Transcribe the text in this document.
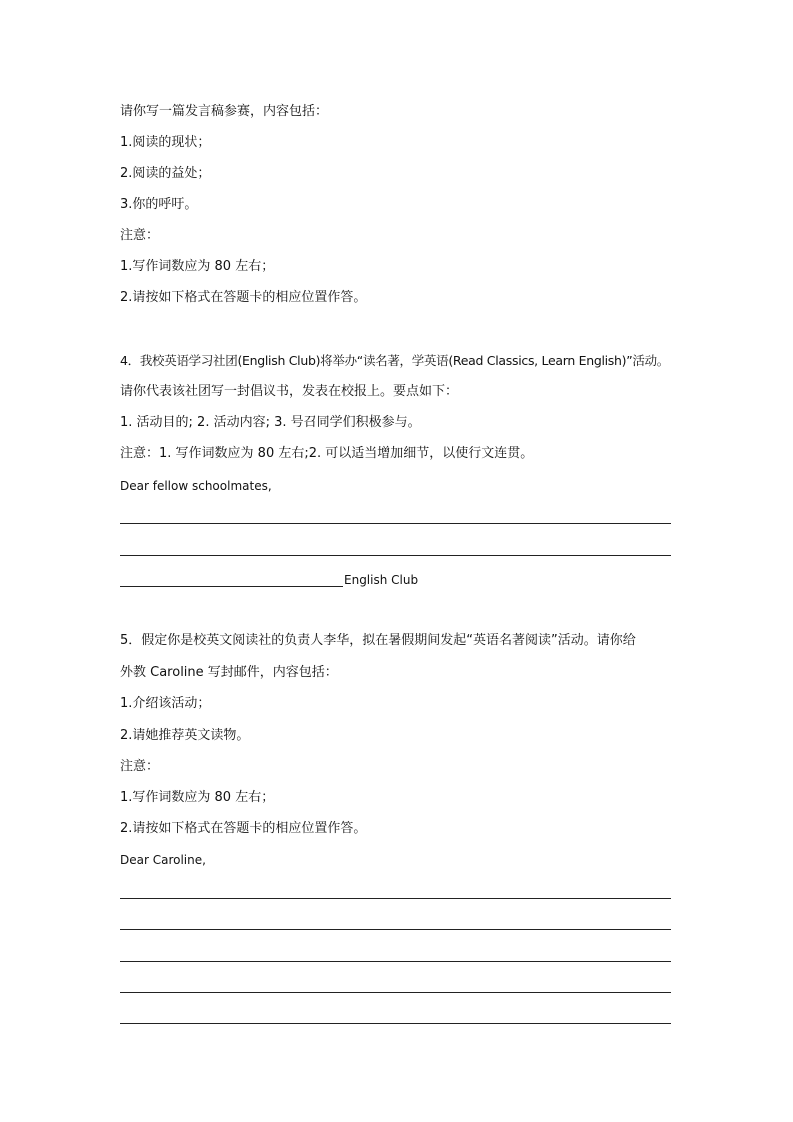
请你写一篇发言稿参赛，内容包括：
1.阅读的现状；
2.阅读的益处；
3.你的呼吁。
注意：
1.写作词数应为 80 左右；
2.请按如下格式在答题卡的相应位置作答。
4．我校英语学习社团(English Club)将举办“读名著，学英语(Read Classics, Learn English)”活动。
请你代表该社团写一封倡议书，发表在校报上。要点如下：
1. 活动目的; 2. 活动内容; 3. 号召同学们积极参与。
注意：1. 写作词数应为 80 左右;2. 可以适当增加细节，以使行文连贯。
Dear fellow schoolmates,
English Club
5．假定你是校英文阅读社的负责人李华，拟在暑假期间发起“英语名著阅读”活动。请你给
外教 Caroline 写封邮件，内容包括：
1.介绍该活动；
2.请她推荐英文读物。
注意：
1.写作词数应为 80 左右；
2.请按如下格式在答题卡的相应位置作答。
Dear Caroline,
